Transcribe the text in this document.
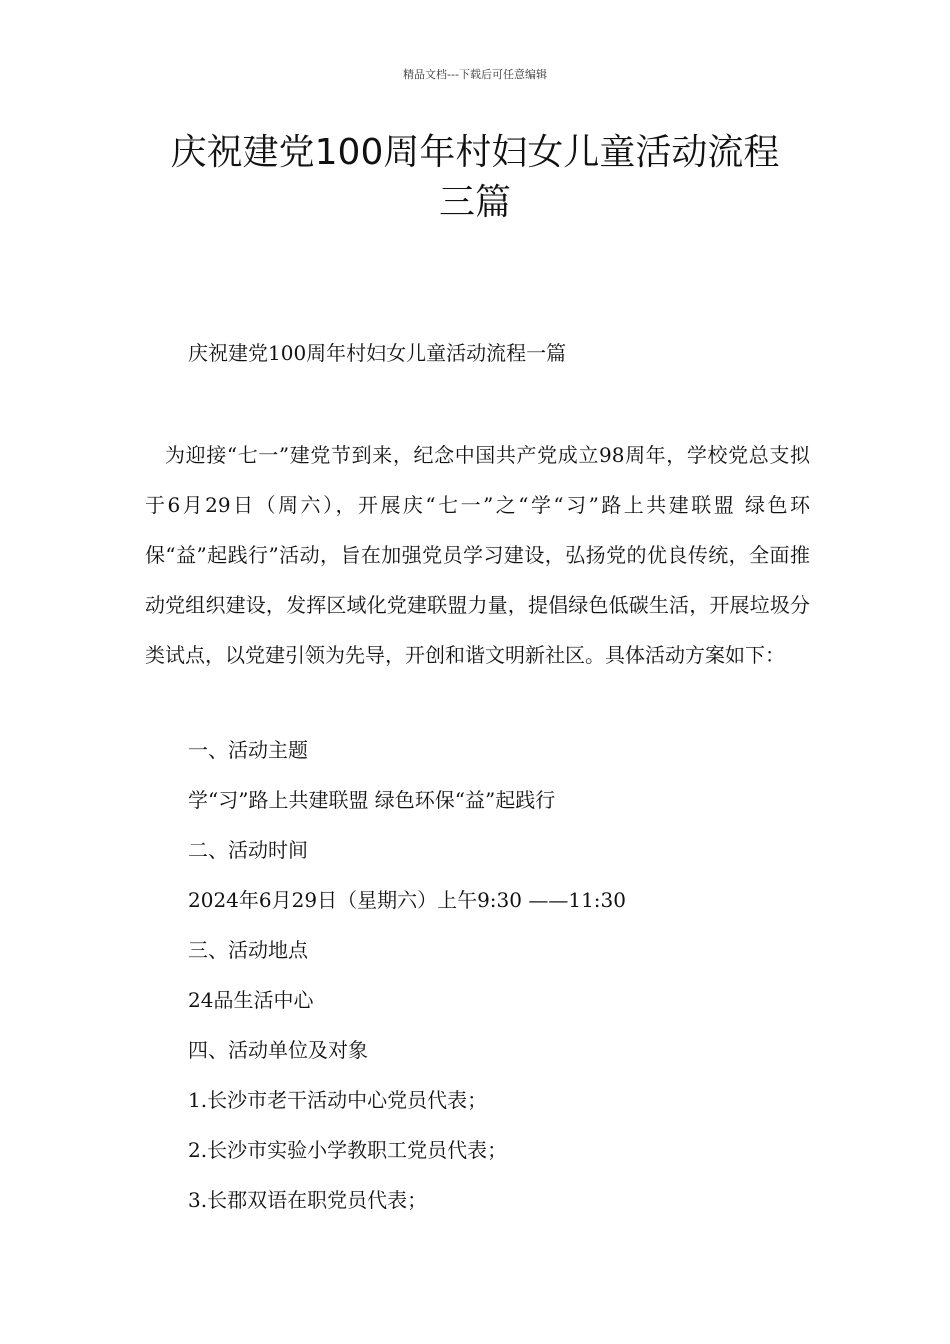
精品文档---下载后可任意编辑
庆祝建党100周年村妇女儿童活动流程
三篇
庆祝建党100周年村妇女儿童活动流程一篇
为迎接“七一”建党节到来，纪念中国共产党成立98周年，学校党总支拟于6月29日（周六），开展庆“七一”之“学“习”路上共建联盟 绿色环保“益”起践行”活动，旨在加强党员学习建设，弘扬党的优良传统，全面推动党组织建设，发挥区域化党建联盟力量，提倡绿色低碳生活，开展垃圾分类试点，以党建引领为先导，开创和谐文明新社区。具体活动方案如下：

一、活动主题

学“习”路上共建联盟 绿色环保“益”起践行

二、活动时间

2024年6月29日（星期六）上午9:30 ——11:30

三、活动地点

24品生活中心

四、活动单位及对象

1.长沙市老干活动中心党员代表；

2.长沙市实验小学教职工党员代表；

3.长郡双语在职党员代表；
